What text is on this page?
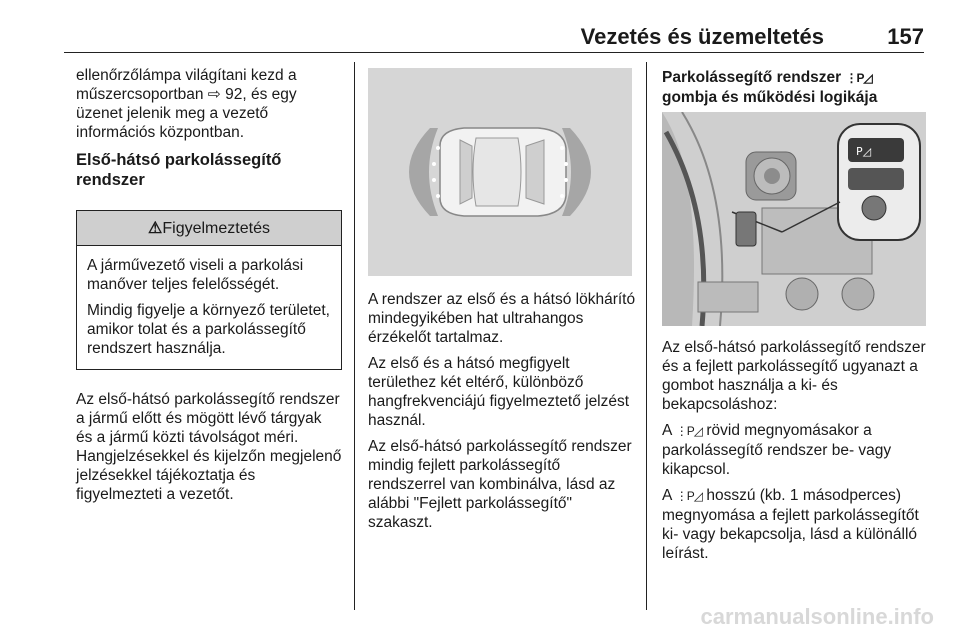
Vezetés és üzemeltetés	157

ellenőrzőlámpa világítani kezd a műszercsoportban ⇨ 92, és egy üzenet jelenik meg a vezető információs központban.

Első-hátsó parkolássegítő rendszer
⚠Figyelmeztetés

A járművezető viseli a parkolási manőver teljes felelősségét.

Mindig figyelje a környező területet, amikor tolat és a parkolássegítő rendszert használja.

Az első-hátsó parkolássegítő rendszer a jármű előtt és mögött lévő tárgyak és a jármű közti távolságot méri. Hangjelzésekkel és kijelzőn megjelenő jelzésekkel tájékoztatja és figyelmezteti a vezetőt.

A rendszer az első és a hátsó lökhárító mindegyikében hat ultrahangos érzékelőt tartalmaz.

Az első és a hátsó megfigyelt területhez két eltérő, különböző hangfrekvenciájú figyelmeztető jelzést használ.

Az első-hátsó parkolássegítő rendszer mindig fejlett parkolássegítő rendszerrel van kombinálva, lásd az alábbi "Fejlett parkolássegítő" szakaszt.

Parkolássegítő rendszer ⋮P◿ gombja és működési logikája
P◿

Az első-hátsó parkolássegítő rendszer és a fejlett parkolássegítő ugyanazt a gombot használja a ki- és bekapcsoláshoz:

A ⋮P◿ rövid megnyomásakor a parkolássegítő rendszer be- vagy kikapcsol.

A ⋮P◿ hosszú (kb. 1 másodperces) megnyomása a fejlett parkolássegítőt ki- vagy bekapcsolja, lásd a különálló leírást.

carmanualsonline.info
